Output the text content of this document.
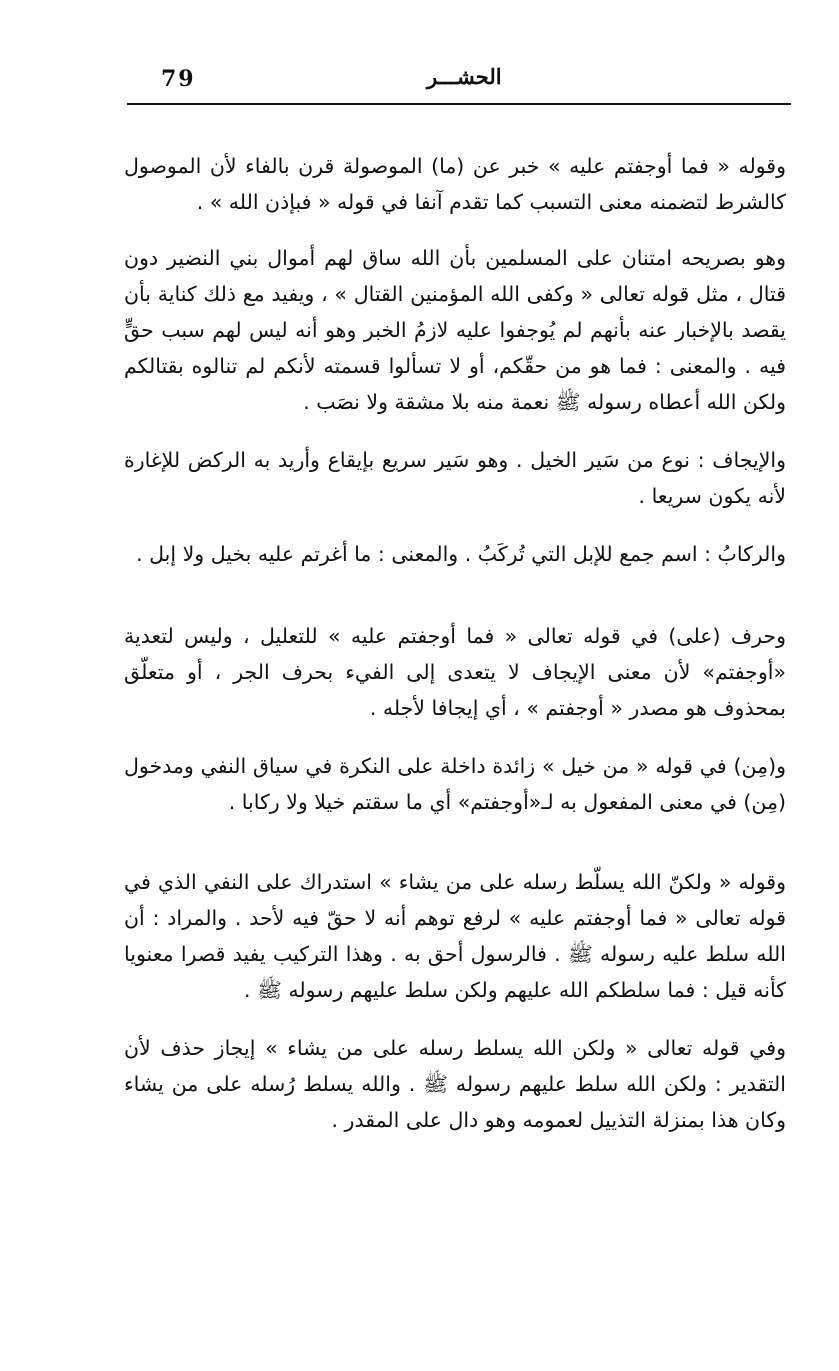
79	الحشـــر

وقوله « فما أوجفتم عليه » خبر عن (ما) الموصولة قرن بالفاء لأن الموصول كالشرط لتضمنه معنى التسبب كما تقدم آنفا في قوله « فبإذن الله » .

وهو بصريحه امتنان على المسلمين بأن الله ساق لهم أموال بني النضير دون قتال ، مثل قوله تعالى « وكفى الله المؤمنين القتال » ، ويفيد مع ذلك كناية بأن يقصد بالإخبار عنه بأنهم لم يُوجفوا عليه لازمُ الخبر وهو أنه ليس لهم سبب حقٍّ فيه . والمعنى : فما هو من حقّكم، أو لا تسألوا قسمته لأنكم لم تنالوه بقتالكم ولكن الله أعطاه رسوله ﷺ نعمة منه بلا مشقة ولا نصَب .

والإيجاف : نوع من سَير الخيل . وهو سَير سريع بإيقاع وأريد به الركض للإغارة لأنه يكون سريعا .

والركابُ : اسم جمع للإبل التي تُركَبُ . والمعنى : ما أغرتم عليه بخيل ولا إبل .

وحرف (على) في قوله تعالى « فما أوجفتم عليه » للتعليل ، وليس لتعدية «أوجفتم» لأن معنى الإيجاف لا يتعدى إلى الفيء بحرف الجر ، أو متعلّق بمحذوف هو مصدر « أوجفتم » ، أي إيجافا لأجله .

و(مِن) في قوله « من خيل » زائدة داخلة على النكرة في سياق النفي ومدخول (مِن) في معنى المفعول به لـ«أوجفتم» أي ما سقتم خيلا ولا ركابا .

وقوله « ولكنّ الله يسلّط رسله على من يشاء » استدراك على النفي الذي في قوله تعالى « فما أوجفتم عليه » لرفع توهم أنه لا حقّ فيه لأحد . والمراد : أن الله سلط عليه رسوله ﷺ . فالرسول أحق به . وهذا التركيب يفيد قصرا معنويا كأنه قيل : فما سلطكم الله عليهم ولكن سلط عليهم رسوله ﷺ .

وفي قوله تعالى « ولكن الله يسلط رسله على من يشاء » إيجاز حذف لأن التقدير : ولكن الله سلط عليهم رسوله ﷺ . والله يسلط رُسله على من يشاء وكان هذا بمنزلة التذييل لعمومه وهو دال على المقدر .
